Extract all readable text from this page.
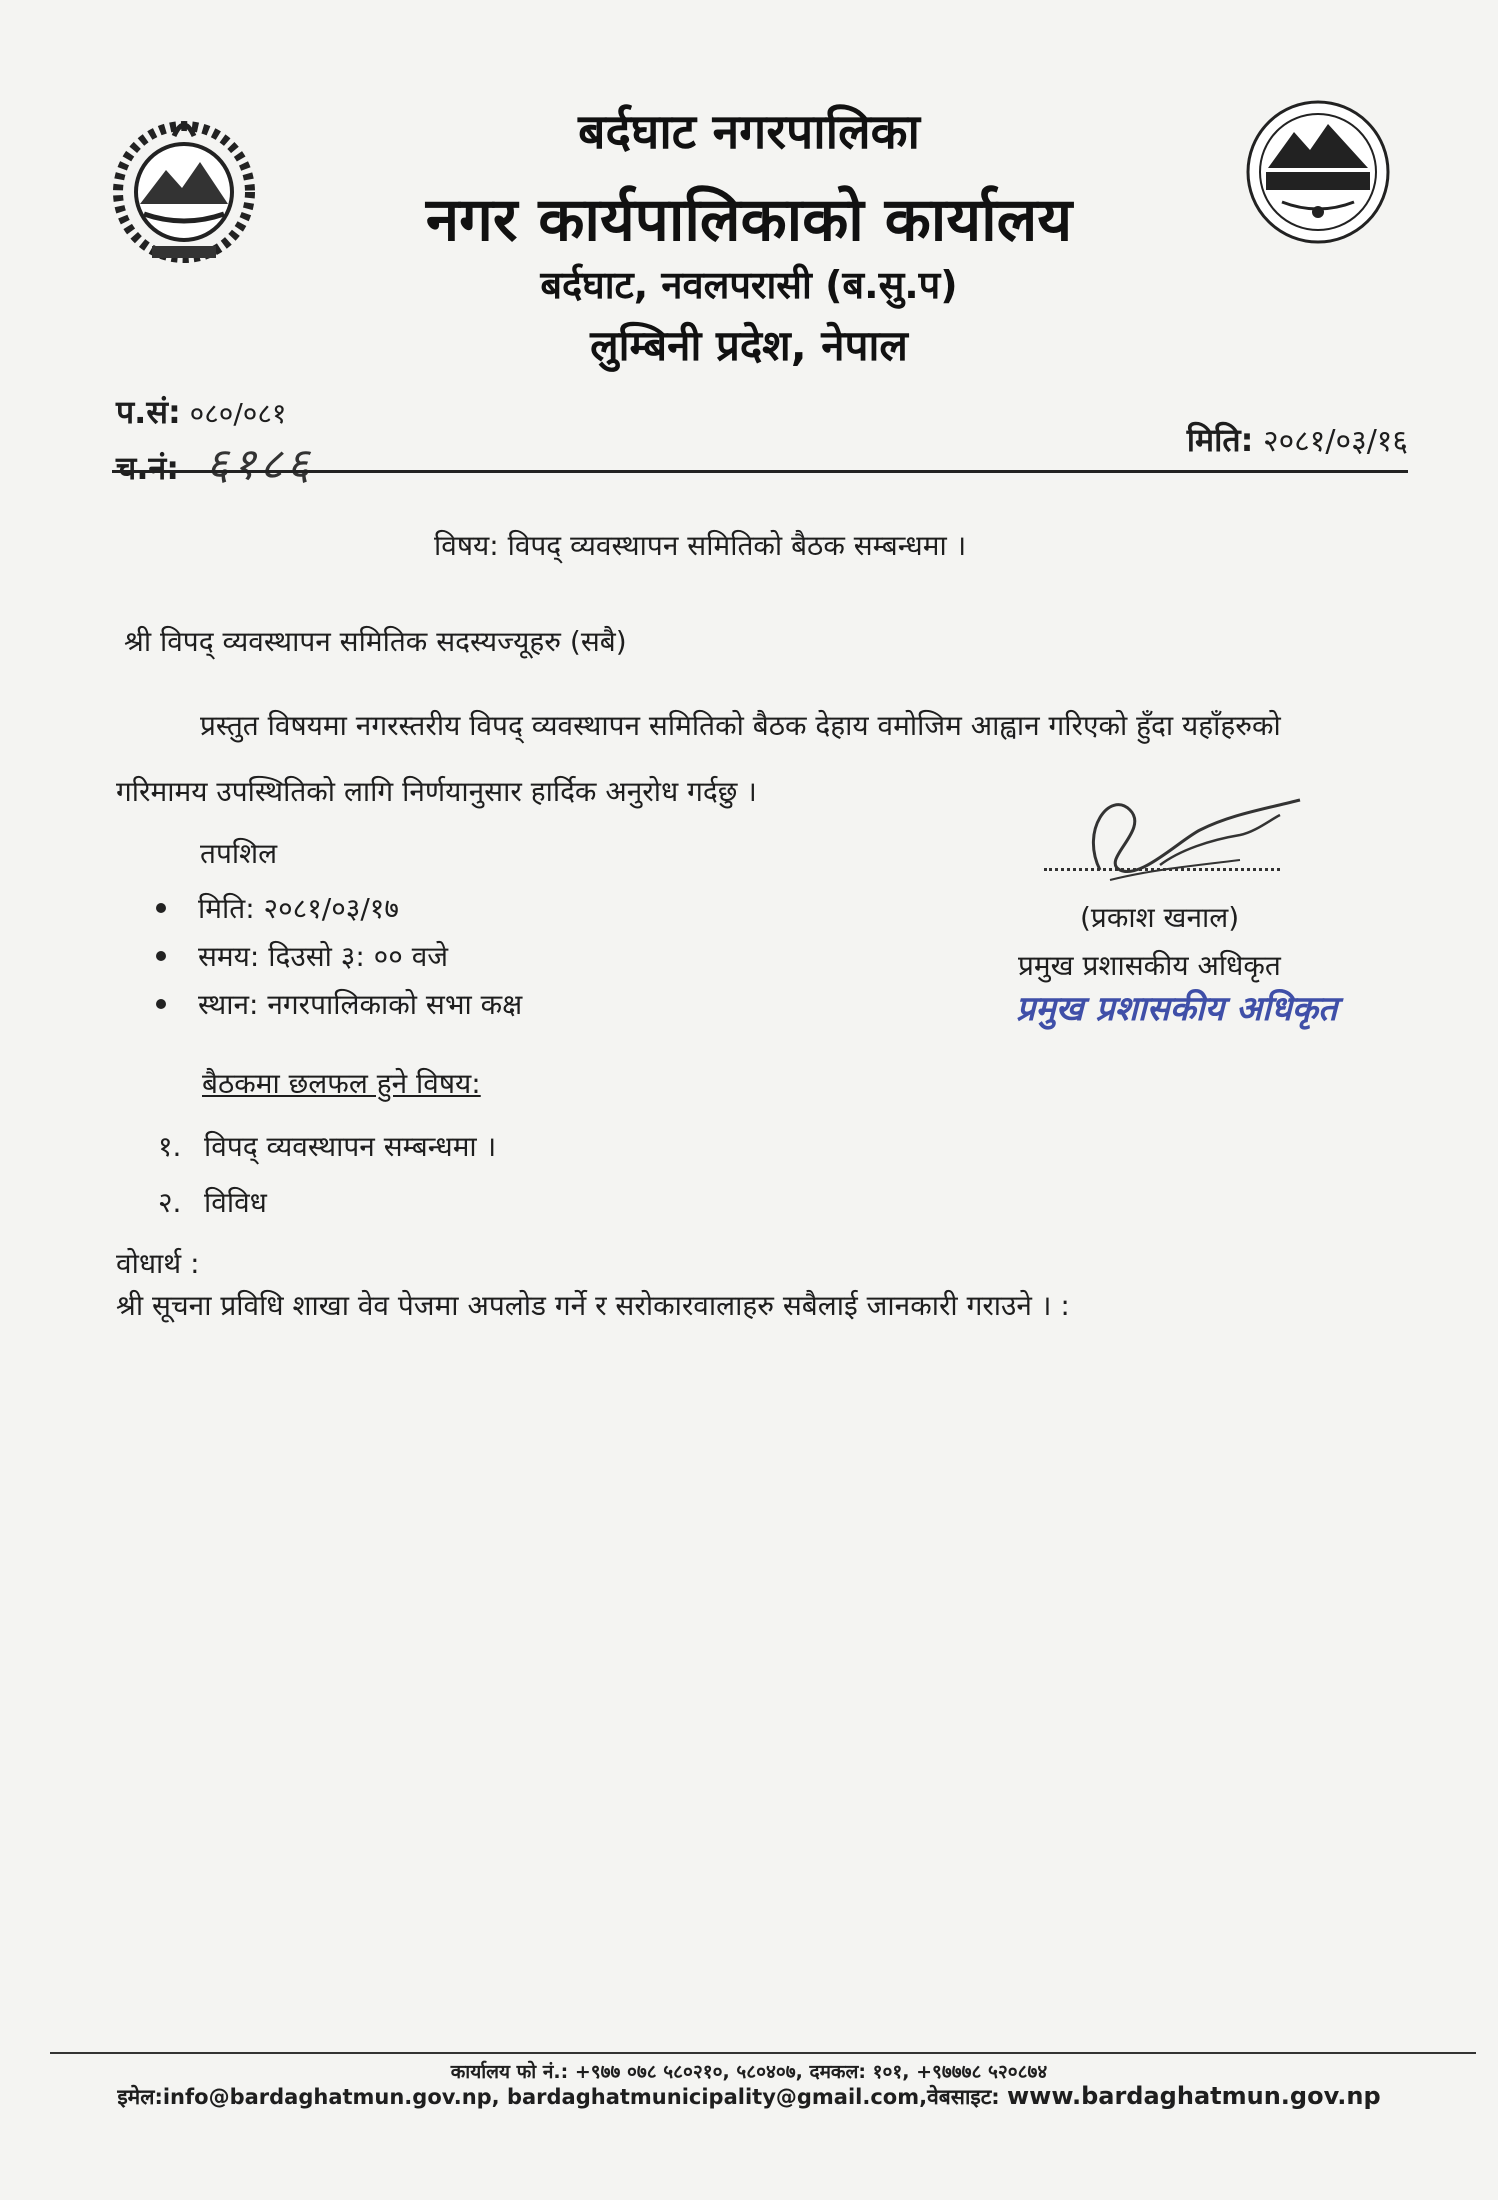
बर्दघाट नगरपालिका
नगर कार्यपालिकाको कार्यालय
बर्दघाट, नवलपरासी (ब.सु.प)
लुम्बिनी प्रदेश, नेपाल
प.सं: ०८०/०८१
च.नं: ६१८६	मिति: २०८१/०३/१६
विषय: विपद् व्यवस्थापन समितिको बैठक सम्बन्धमा ।
श्री विपद् व्यवस्थापन समितिक सदस्यज्यूहरु (सबै)
प्रस्तुत विषयमा नगरस्तरीय विपद् व्यवस्थापन समितिको बैठक देहाय वमोजिम आह्वान गरिएको हुँदा यहाँहरुको
गरिमामय उपस्थितिको लागि निर्णयानुसार हार्दिक अनुरोध गर्दछु ।
तपशिल
मिति: २०८१/०३/१७
समय: दिउसो ३: ०० वजे
स्थान: नगरपालिकाको सभा कक्ष
बैठकमा छलफल हुने विषय:
१. विपद् व्यवस्थापन सम्बन्धमा ।
२. विविध
वोधार्थ :
श्री सूचना प्रविधि शाखा वेव पेजमा अपलोड गर्ने र सरोकारवालाहरु सबैलाई जानकारी गराउने । :
(प्रकाश खनाल)
प्रमुख प्रशासकीय अधिकृत
प्रमुख प्रशासकीय अधिकृत
कार्यालय फो नं.: +९७७ ०७८ ५८०२१०, ५८०४०७, दमकल: १०१, +९७७७८ ५२०८७४
इमेल:info@bardaghatmun.gov.np, bardaghatmunicipality@gmail.com,वेबसाइट: www.bardaghatmun.gov.np
